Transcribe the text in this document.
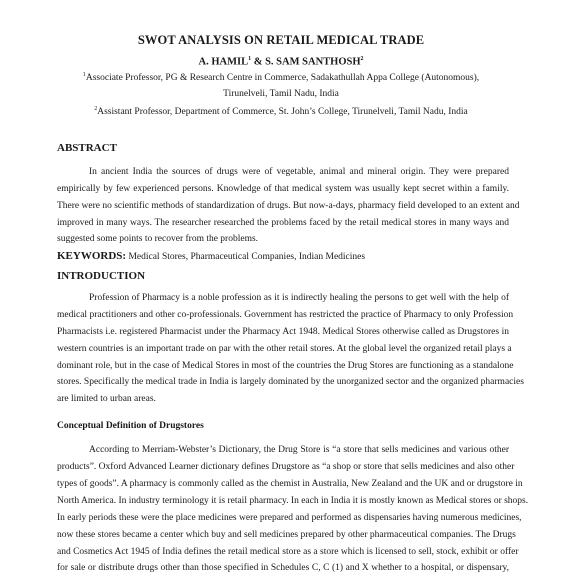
SWOT ANALYSIS ON RETAIL MEDICAL TRADE
A. HAMIL$^1$ & S. SAM SANTHOSH$^2$
$^1$Associate Professor, PG & Research Centre in Commerce, Sadakathullah Appa College (Autonomous),
Tirunelveli, Tamil Nadu, India
$^2$Assistant Professor, Department of Commerce, St. John’s College, Tirunelveli, Tamil Nadu, India
ABSTRACT
In ancient India the sources of drugs were of vegetable, animal and mineral origin. They were prepared
empirically by few experienced persons. Knowledge of that medical system was usually kept secret within a family.
There were no scientific methods of standardization of drugs. But now-a-days, pharmacy field developed to an extent and
improved in many ways. The researcher researched the problems faced by the retail medical stores in many ways and
suggested some points to recover from the problems.
KEYWORDS: Medical Stores, Pharmaceutical Companies, Indian Medicines
INTRODUCTION
Profession of Pharmacy is a noble profession as it is indirectly healing the persons to get well with the help of
medical practitioners and other co-professionals. Government has restricted the practice of Pharmacy to only Profession
Pharmacists i.e. registered Pharmacist under the Pharmacy Act 1948. Medical Stores otherwise called as Drugstores in
western countries is an important trade on par with the other retail stores. At the global level the organized retail plays a
dominant role, but in the case of Medical Stores in most of the countries the Drug Stores are functioning as a standalone
stores. Specifically the medical trade in India is largely dominated by the unorganized sector and the organized pharmacies
are limited to urban areas.
Conceptual Definition of Drugstores
According to Merriam-Webster’s Dictionary, the Drug Store is “a store that sells medicines and various other
products”. Oxford Advanced Learner dictionary defines Drugstore as “a shop or store that sells medicines and also other
types of goods”. A pharmacy is commonly called as the chemist in Australia, New Zealand and the UK and or drugstore in
North America. In industry terminology it is retail pharmacy. In each in India it is mostly known as Medical stores or shops.
In early periods these were the place medicines were prepared and performed as dispensaries having numerous medicines,
now these stores became a center which buy and sell medicines prepared by other pharmaceutical companies. The Drugs
and Cosmetics Act 1945 of India defines the retail medical store as a store which is licensed to sell, stock, exhibit or offer
for sale or distribute drugs other than those specified in Schedules C, C (1) and X whether to a hospital, or dispensary,
